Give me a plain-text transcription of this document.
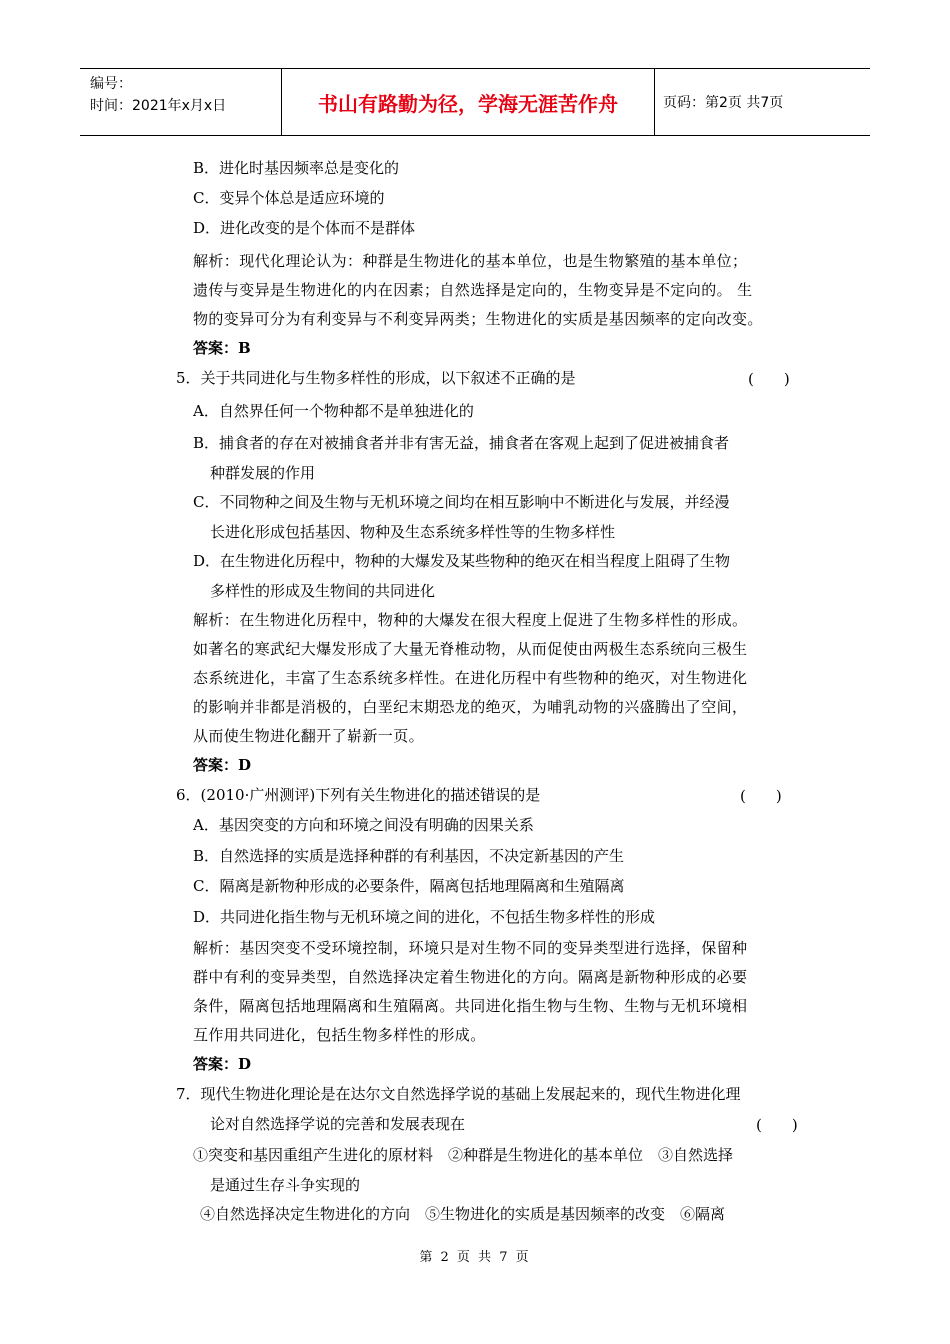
编号：
时间：2021年x月x日	书山有路勤为径，学海无涯苦作舟	页码：第2页 共7页
B．进化时基因频率总是变化的
C．变异个体总是适应环境的
D．进化改变的是个体而不是群体
解析：现代化理论认为：种群是生物进化的基本单位，也是生物繁殖的基本单位；
遗传与变异是生物进化的内在因素；自然选择是定向的，生物变异是不定向的。 生
物的变异可分为有利变异与不利变异两类；生物进化的实质是基因频率的定向改变。
答案：B
5．关于共同进化与生物多样性的形成，以下叙述不正确的是	(　　)
A．自然界任何一个物种都不是单独进化的
B．捕食者的存在对被捕食者并非有害无益，捕食者在客观上起到了促进被捕食者
种群发展的作用
C．不同物种之间及生物与无机环境之间均在相互影响中不断进化与发展，并经漫
长进化形成包括基因、物种及生态系统多样性等的生物多样性
D．在生物进化历程中，物种的大爆发及某些物种的绝灭在相当程度上阻碍了生物
多样性的形成及生物间的共同进化
解析：在生物进化历程中，物种的大爆发在很大程度上促进了生物多样性的形成。
如著名的寒武纪大爆发形成了大量无脊椎动物，从而促使由两极生态系统向三极生
态系统进化，丰富了生态系统多样性。在进化历程中有些物种的绝灭，对生物进化
的影响并非都是消极的，白垩纪末期恐龙的绝灭，为哺乳动物的兴盛腾出了空间，
从而使生物进化翻开了崭新一页。
答案：D
6．(2010·广州测评)下列有关生物进化的描述错误的是	(　　)
A．基因突变的方向和环境之间没有明确的因果关系
B．自然选择的实质是选择种群的有利基因，不决定新基因的产生
C．隔离是新物种形成的必要条件，隔离包括地理隔离和生殖隔离
D．共同进化指生物与无机环境之间的进化，不包括生物多样性的形成
解析：基因突变不受环境控制，环境只是对生物不同的变异类型进行选择，保留种
群中有利的变异类型，自然选择决定着生物进化的方向。隔离是新物种形成的必要
条件，隔离包括地理隔离和生殖隔离。共同进化指生物与生物、生物与无机环境相
互作用共同进化，包括生物多样性的形成。
答案：D
7．现代生物进化理论是在达尔文自然选择学说的基础上发展起来的，现代生物进化理
论对自然选择学说的完善和发展表现在	(　　)
①突变和基因重组产生进化的原材料　②种群是生物进化的基本单位　③自然选择
是通过生存斗争实现的
④自然选择决定生物进化的方向　⑤生物进化的实质是基因频率的改变　⑥隔离
第 2 页 共 7 页
